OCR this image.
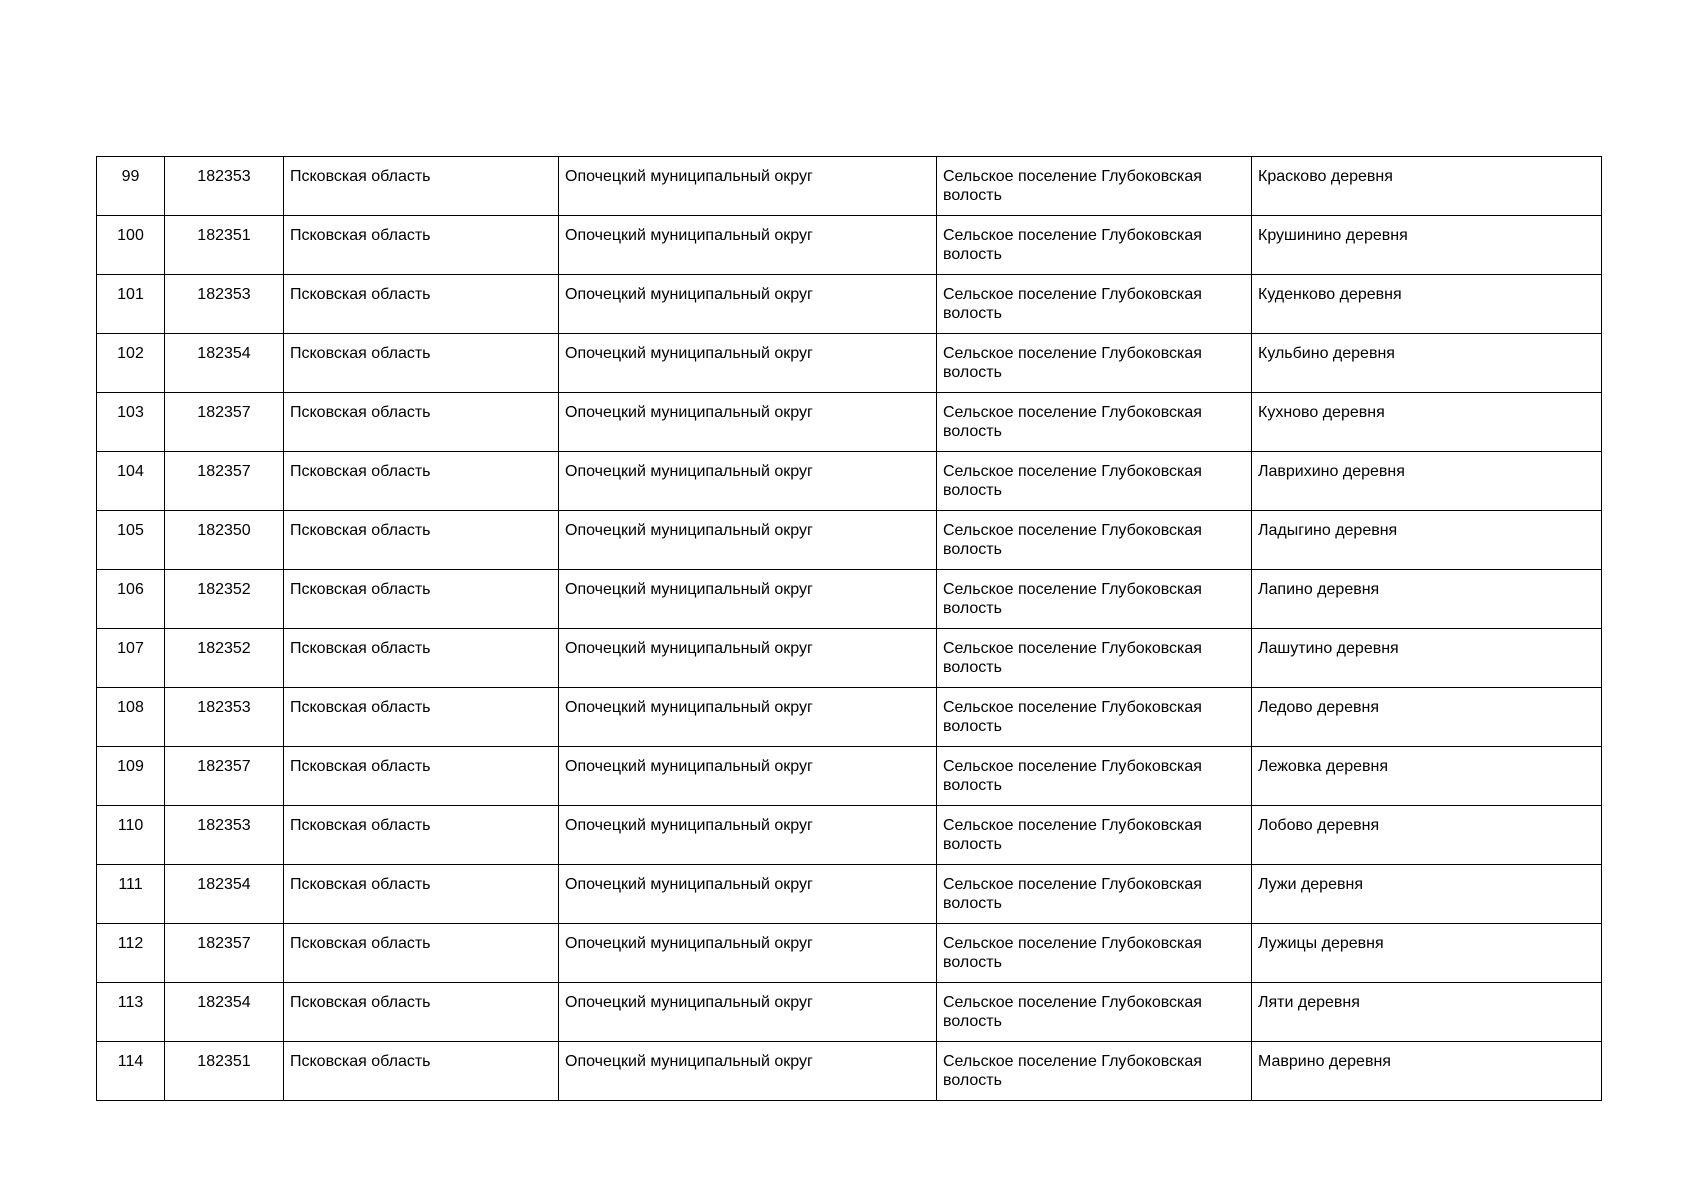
99	182353	Псковская область	Опочецкий муниципальный округ	Сельское поселение Глубоковская волость	Красково деревня
100	182351	Псковская область	Опочецкий муниципальный округ	Сельское поселение Глубоковская волость	Крушинино деревня
101	182353	Псковская область	Опочецкий муниципальный округ	Сельское поселение Глубоковская волость	Куденково деревня
102	182354	Псковская область	Опочецкий муниципальный округ	Сельское поселение Глубоковская волость	Кульбино деревня
103	182357	Псковская область	Опочецкий муниципальный округ	Сельское поселение Глубоковская волость	Кухново деревня
104	182357	Псковская область	Опочецкий муниципальный округ	Сельское поселение Глубоковская волость	Лаврихино деревня
105	182350	Псковская область	Опочецкий муниципальный округ	Сельское поселение Глубоковская волость	Ладыгино деревня
106	182352	Псковская область	Опочецкий муниципальный округ	Сельское поселение Глубоковская волость	Лапино деревня
107	182352	Псковская область	Опочецкий муниципальный округ	Сельское поселение Глубоковская волость	Лашутино деревня
108	182353	Псковская область	Опочецкий муниципальный округ	Сельское поселение Глубоковская волость	Ледово деревня
109	182357	Псковская область	Опочецкий муниципальный округ	Сельское поселение Глубоковская волость	Лежовка деревня
110	182353	Псковская область	Опочецкий муниципальный округ	Сельское поселение Глубоковская волость	Лобово деревня
111	182354	Псковская область	Опочецкий муниципальный округ	Сельское поселение Глубоковская волость	Лужи деревня
112	182357	Псковская область	Опочецкий муниципальный округ	Сельское поселение Глубоковская волость	Лужицы деревня
113	182354	Псковская область	Опочецкий муниципальный округ	Сельское поселение Глубоковская волость	Ляти деревня
114	182351	Псковская область	Опочецкий муниципальный округ	Сельское поселение Глубоковская волость	Маврино деревня
